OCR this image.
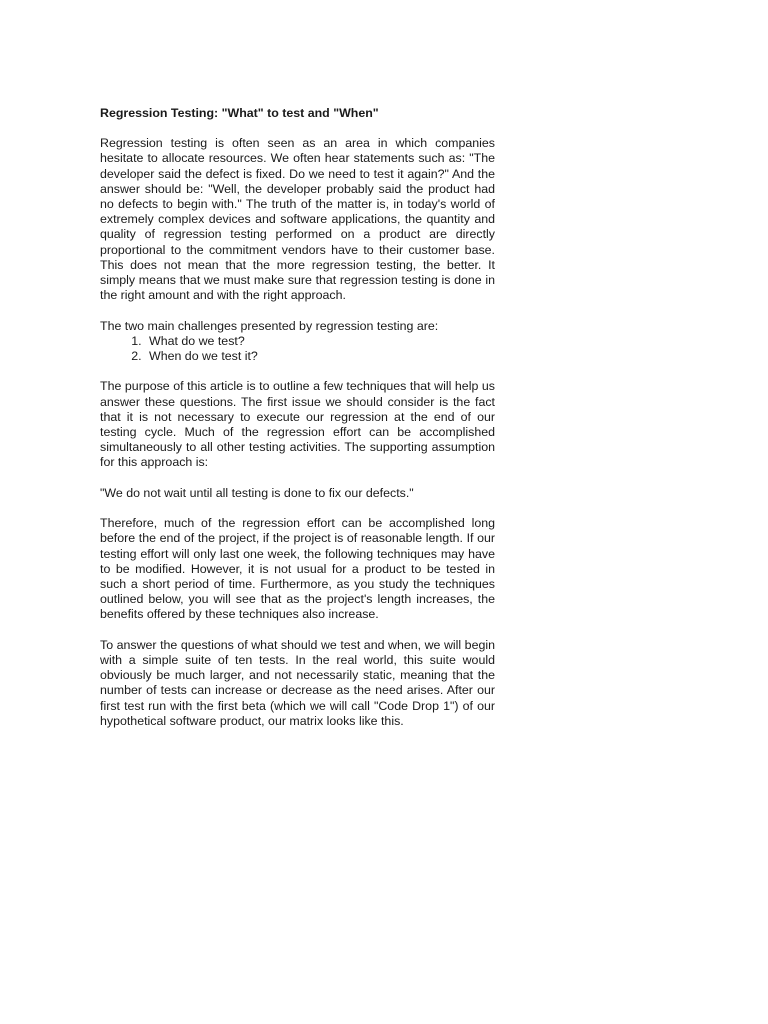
Regression Testing: "What" to test and "When"

Regression testing is often seen as an area in which companies hesitate to allocate resources. We often hear statements such as: "The developer said the defect is fixed. Do we need to test it again?" And the answer should be: "Well, the developer probably said the product had no defects to begin with." The truth of the matter is, in today's world of extremely complex devices and software applications, the quantity and quality of regression testing performed on a product are directly proportional to the commitment vendors have to their customer base. This does not mean that the more regression testing, the better. It simply means that we must make sure that regression testing is done in the right amount and with the right approach.

The two main challenges presented by regression testing are:

1. What do we test?
2. When do we test it?

The purpose of this article is to outline a few techniques that will help us answer these questions. The first issue we should consider is the fact that it is not necessary to execute our regression at the end of our testing cycle. Much of the regression effort can be accomplished simultaneously to all other testing activities. The supporting assumption for this approach is:

"We do not wait until all testing is done to fix our defects."

Therefore, much of the regression effort can be accomplished long before the end of the project, if the project is of reasonable length. If our testing effort will only last one week, the following techniques may have to be modified. However, it is not usual for a product to be tested in such a short period of time. Furthermore, as you study the techniques outlined below, you will see that as the project's length increases, the benefits offered by these techniques also increase.

To answer the questions of what should we test and when, we will begin with a simple suite of ten tests. In the real world, this suite would obviously be much larger, and not necessarily static, meaning that the number of tests can increase or decrease as the need arises. After our first test run with the first beta (which we will call "Code Drop 1") of our hypothetical software product, our matrix looks like this.
